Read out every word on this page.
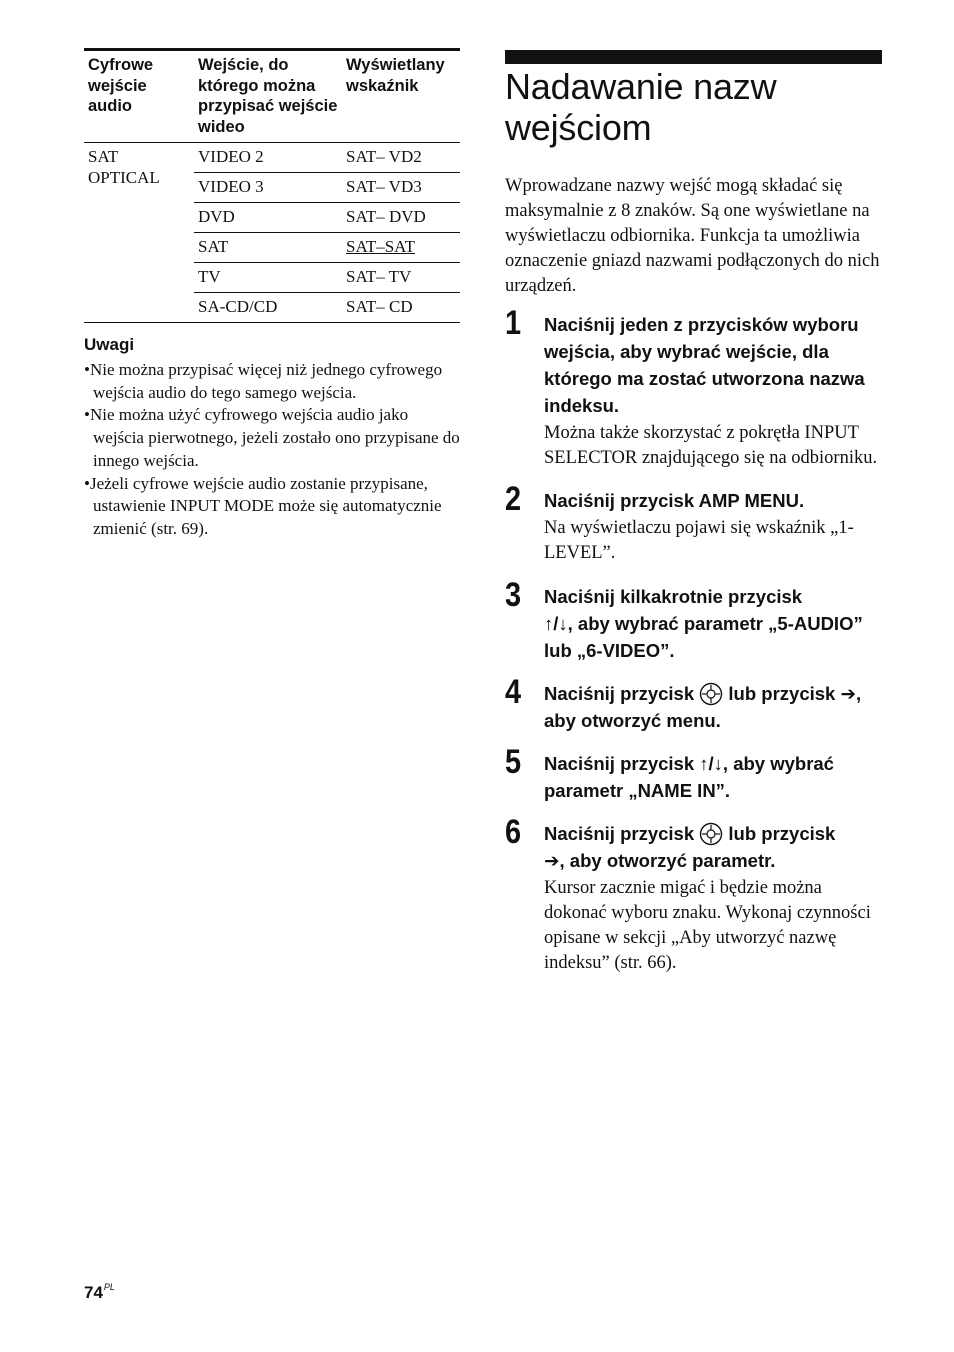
Cyfrowe wejście audio	Wejście, do którego można przypisać wejście wideo	Wyświetlany wskaźnik

SAT
OPTICAL	VIDEO 2	SAT– VD2
	VIDEO 3	SAT– VD3
	DVD	SAT– DVD
	SAT	SAT–SAT
	TV	SAT– TV
	SA-CD/CD	SAT– CD
Uwagi
•Nie można przypisać więcej niż jednego cyfrowego wejścia audio do tego samego wejścia.
•Nie można użyć cyfrowego wejścia audio jako wejścia pierwotnego, jeżeli zostało ono przypisane do innego wejścia.
•Jeżeli cyfrowe wejście audio zostanie przypisane, ustawienie INPUT MODE może się automatycznie zmienić (str. 69).
Nadawanie nazw wejściom

Wprowadzane nazwy wejść mogą składać się maksymalnie z 8 znaków. Są one wyświetlane na wyświetlaczu odbiornika. Funkcja ta umożliwia oznaczenie gniazd nazwami podłączonych do nich urządzeń.

1 Naciśnij jeden z przycisków wyboru wejścia, aby wybrać wejście, dla którego ma zostać utworzona nazwa indeksu.
Można także skorzystać z pokrętła INPUT SELECTOR znajdującego się na odbiorniku.
2 Naciśnij przycisk AMP MENU.
Na wyświetlaczu pojawi się wskaźnik „1-LEVEL”.
3 Naciśnij kilkakrotnie przycisk
↑/↓, aby wybrać parametr „5-AUDIO” lub „6-VIDEO”.
4 Naciśnij przycisk lub przycisk ➔, aby otworzyć menu.
5 Naciśnij przycisk ↑/↓, aby wybrać parametr „NAME IN”.
6 Naciśnij przycisk lub przycisk
➔, aby otworzyć parametr.
Kursor zacznie migać i będzie można dokonać wyboru znaku. Wykonaj czynności opisane w sekcji „Aby utworzyć nazwę indeksu” (str. 66).
$74^{PL}$
